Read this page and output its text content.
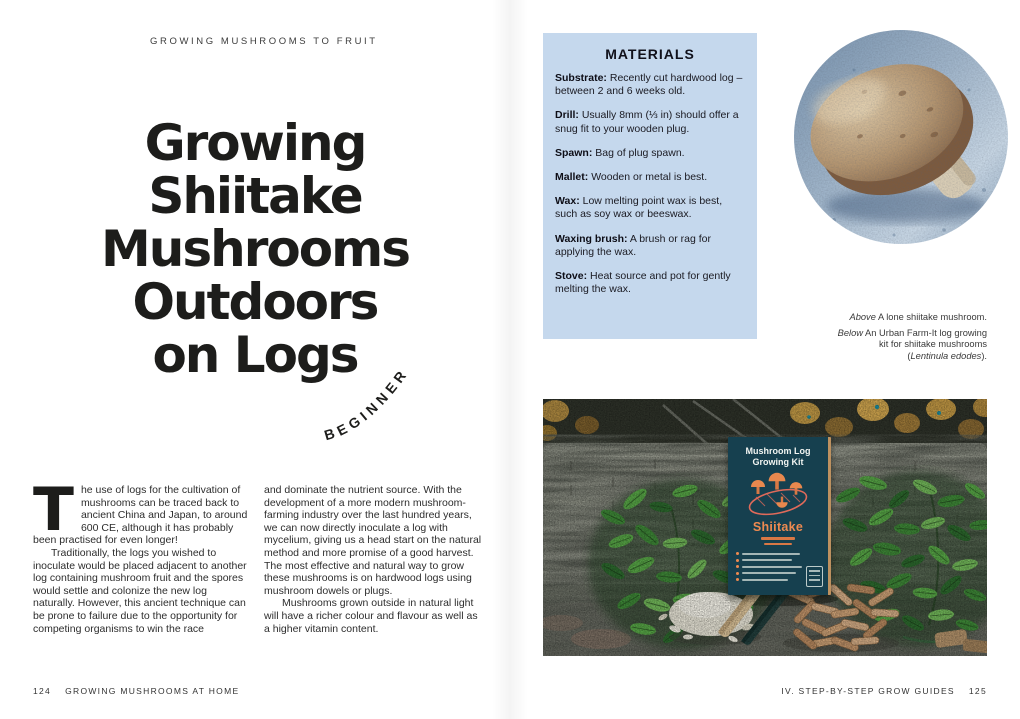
GROWING MUSHROOMS TO FRUIT
Growing
Shiitake
Mushrooms
Outdoors
on Logs
BEGINNER

The use of logs for the cultivation of mushrooms can be traced back to ancient China and Japan, to around 600 CE, although it has probably been practised for even longer!

Traditionally, the logs you wished to inoculate would be placed adjacent to another log containing mushroom fruit and the spores would settle and colonize the new log naturally. However, this ancient technique can be prone to failure due to the opportunity for competing organisms to win the race

and dominate the nutrient source. With the development of a more modern mushroom-farming industry over the last hundred years, we can now directly inoculate a log with mycelium, giving us a head start on the natural method and more promise of a good harvest. The most effective and natural way to grow these mushrooms is on hardwood logs using mushroom dowels or plugs.

Mushrooms grown outside in natural light will have a richer colour and flavour as well as a higher vitamin content.

124 GROWING MUSHROOMS AT HOME
MATERIALS

Substrate: Recently cut hardwood log – between 2 and 6 weeks old.

Drill: Usually 8mm (⅓ in) should offer a snug fit to your wooden plug.

Spawn: Bag of plug spawn.

Mallet: Wooden or metal is best.

Wax: Low melting point wax is best, such as soy wax or beeswax.

Waxing brush: A brush or rag for applying the wax.

Stove: Heat source and pot for gently melting the wax.

Above A lone shiitake mushroom.

Below An Urban Farm-It log growing kit for shiitake mushrooms (Lentinula edodes).

Mushroom Log
Growing Kit
Shiitake
IV. STEP-BY-STEP GROW GUIDES 125
